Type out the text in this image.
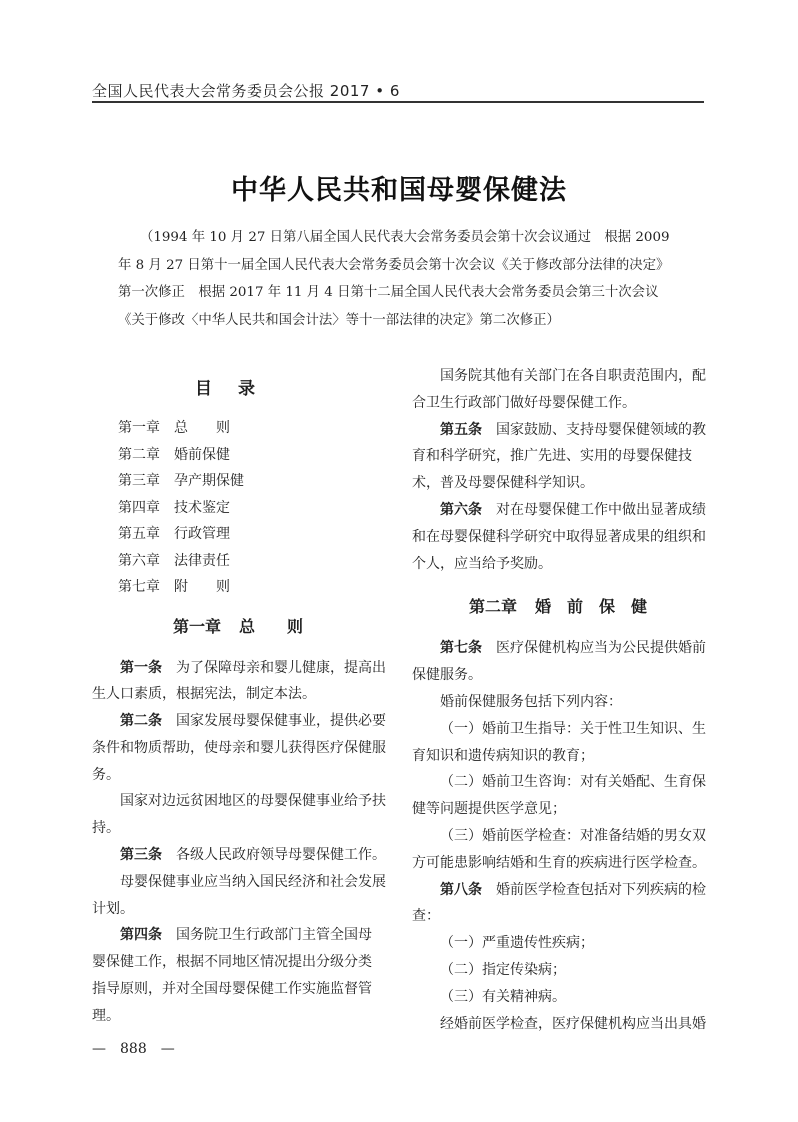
全国人民代表大会常务委员会公报 2017 • 6
中华人民共和国母婴保健法
（1994 年 10 月 27 日第八届全国人民代表大会常务委员会第十次会议通过　根据 2009
年 8 月 27 日第十一届全国人民代表大会常务委员会第十次会议《关于修改部分法律的决定》
第一次修正　根据 2017 年 11 月 4 日第十二届全国人民代表大会常务委员会第三十次会议
《关于修改〈中华人民共和国会计法〉等十一部法律的决定》第二次修正）
目录
第一章 总　　则
第二章 婚前保健
第三章 孕产期保健
第四章 技术鉴定
第五章 行政管理
第六章 法律责任
第七章 附　　则
第一章 总　　则
第一条　 为了保障母亲和婴儿健康，提高出
生人口素质，根据宪法，制定本法。
第二条　 国家发展母婴保健事业，提供必要
条件和物质帮助，使母亲和婴儿获得医疗保健服
务。
国家对边远贫困地区的母婴保健事业给予扶
持。
第三条　 各级人民政府领导母婴保健工作。
母婴保健事业应当纳入国民经济和社会发展
计划。
第四条　 国务院卫生行政部门主管全国母
婴保健工作，根据不同地区情况提出分级分类
指导原则，并对全国母婴保健工作实施监督管
理。
国务院其他有关部门在各自职责范围内，配
合卫生行政部门做好母婴保健工作。
第五条　 国家鼓励、支持母婴保健领域的教
育和科学研究，推广先进、实用的母婴保健技
术，普及母婴保健科学知识。
第六条　 对在母婴保健工作中做出显著成绩
和在母婴保健科学研究中取得显著成果的组织和
个人，应当给予奖励。
第二章 婚　前　保　健
第七条　 医疗保健机构应当为公民提供婚前
保健服务。
婚前保健服务包括下列内容：
（一）婚前卫生指导：关于性卫生知识、生
育知识和遗传病知识的教育；
（二）婚前卫生咨询：对有关婚配、生育保
健等问题提供医学意见；
（三）婚前医学检查：对准备结婚的男女双
方可能患影响结婚和生育的疾病进行医学检查。
第八条　 婚前医学检查包括对下列疾病的检
查：
（一）严重遗传性疾病；
（二）指定传染病；
（三）有关精神病。
经婚前医学检查，医疗保健机构应当出具婚
—　888　—
